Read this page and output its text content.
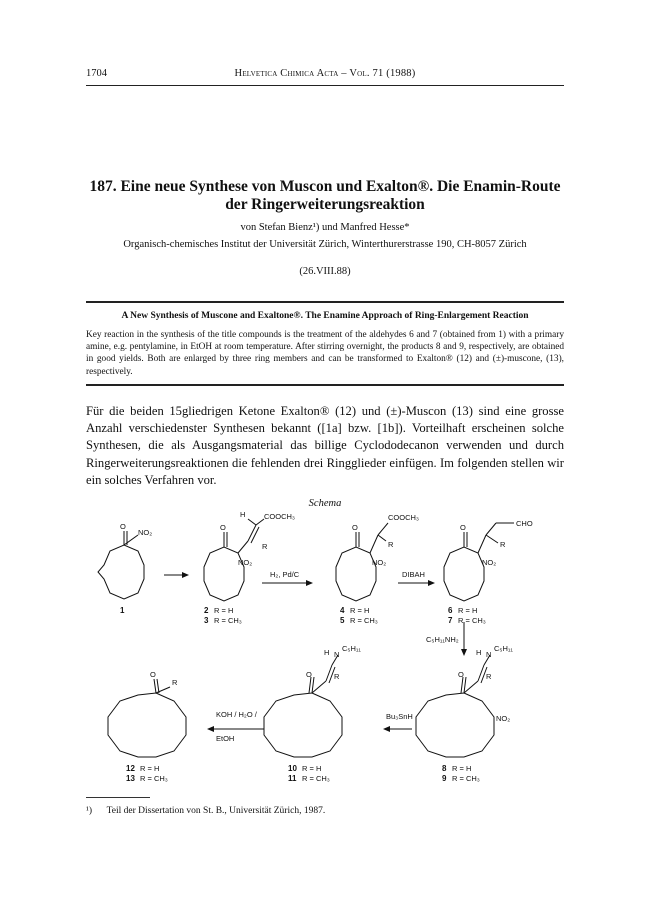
1704	Helvetica Chimica Acta – Vol. 71 (1988)
187. Eine neue Synthese von Muscon und Exalton®. Die Enamin-Route
der Ringerweiterungsreaktion
von Stefan Bienz¹) und Manfred Hesse*
Organisch-chemisches Institut der Universität Zürich, Winterthurerstrasse 190, CH-8057 Zürich
(26.VIII.88)
A New Synthesis of Muscone and Exaltone®. The Enamine Approach of Ring-Enlargement Reaction
Key reaction in the synthesis of the title compounds is the treatment of the aldehydes 6 and 7 (obtained from 1) with a primary amine, e.g. pentylamine, in EtOH at room temperature. After stirring overnight, the products 8 and 9, respectively, are obtained in good yields. Both are enlarged by three ring members and can be transformed to Exalton® (12) and (±)-muscone, (13), respectively.
Für die beiden 15gliedrigen Ketone Exalton® (12) und (±)-Muscon (13) sind eine grosse Anzahl verschiedenster Synthesen bekannt ([1a] bzw. [1b]). Vorteilhaft erscheinen solche Synthesen, die als Ausgangsmaterial das billige Cyclododecanon verwenden und durch Ringerweiterungsreaktionen die fehlenden drei Ringglieder einfügen. Im folgenden stellen wir ein solches Verfahren vor.
Schema
O
NO₂
1
O
H COOCH₃
R
NO₂
2 R = H
3 R = CH₃
H₂, Pd/C
O
COOCH₃
R
NO₂
4 R = H
5 R = CH₃
DIBAH
O	CHO
R
NO₂
6 R = H
7 R = CH₃
C₅H₁₁NH₂
H N
C₅H₁₁
O	R
NO₂
8 R = H
9 R = CH₃
Bu₃SnH
H N
C₅H₁₁
O	R
10 R = H
11 R = CH₃
KOH / H₂O /
EtOH
O
R
12 R = H
13 R = CH₃
¹) Teil der Dissertation von St. B., Universität Zürich, 1987.
